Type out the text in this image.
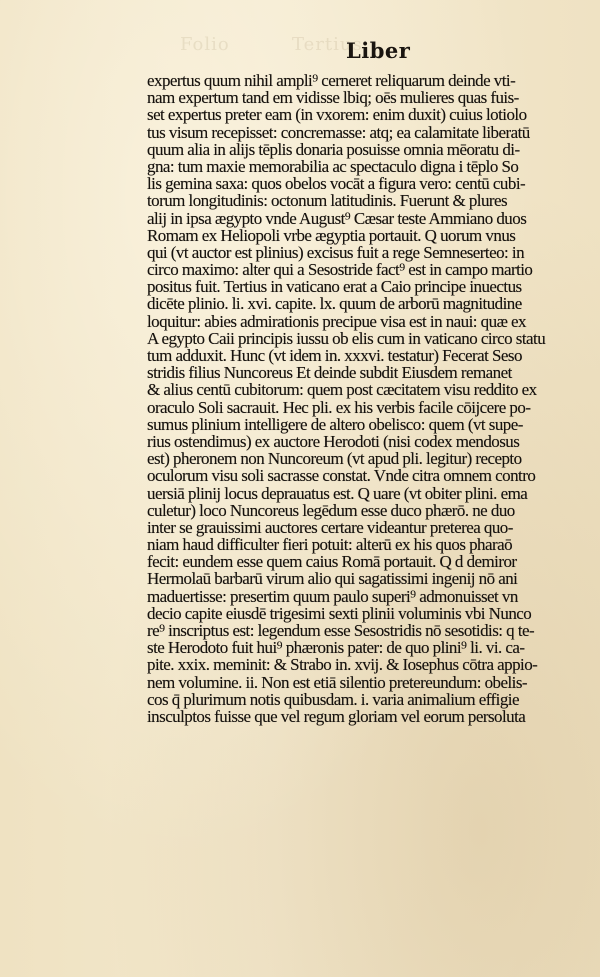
Folio	Tertius
Liber
expertus quum nihil ampli⁹ cerneret reliquarum deinde vti-
nam expertum tand em vidisse lbiq; oēs mulieres quas fuis-
set expertus preter eam (in vxorem: enim duxit) cuius lotiolo
tus visum recepisset: concremasse: atq; ea calamitate liberatū
quum alia in alijs tēplis donaria posuisse omnia mēoratu di-
gna: tum maxie memorabilia ac spectaculo digna i tēplo So
lis gemina saxa: quos obelos vocāt a figura vero: centū cubi-
torum longitudinis: octonum latitudinis. Fuerunt & plures
alij in ipsa ægypto vnde August⁹ Cæsar teste Ammiano duos
Romam ex Heliopoli vrbe ægyptia portauit. Q uorum vnus
qui (vt auctor est plinius) excisus fuit a rege Semneserteo: in
circo maximo: alter qui a Sesostride fact⁹ est in campo martio
positus fuit. Tertius in vaticano erat a Caio principe inuectus
dicēte plinio. li. xvi. capite. lx. quum de arborū magnitudine
loquitur: abies admirationis precipue visa est in naui: quæ ex
A egypto Caii principis iussu ob elis cum in vaticano circo statu
tum adduxit. Hunc (vt idem in. xxxvi. testatur) Fecerat Seso
stridis filius Nuncoreus Et deinde subdit Eiusdem remanet
& alius centū cubitorum: quem post cæcitatem visu reddito ex
oraculo Soli sacrauit. Hec pli. ex his verbis facile cōijcere po-
sumus plinium intelligere de altero obelisco: quem (vt supe-
rius ostendimus) ex auctore Herodoti (nisi codex mendosus
est) pheronem non Nuncoreum (vt apud pli. legitur) recepto
oculorum visu soli sacrasse constat. Vnde citra omnem contro
uersiā plinij locus deprauatus est. Q uare (vt obiter plini. ema
culetur) loco Nuncoreus legēdum esse duco phærō. ne duo
inter se grauissimi auctores certare videantur preterea quo-
niam haud difficulter fieri potuit: alterū ex his quos pharaō
fecit: eundem esse quem caius Romā portauit. Q d demiror
Hermolaū barbarū virum alio qui sagatissimi ingenij nō ani
maduertisse: presertim quum paulo superi⁹ admonuisset vn
decio capite eiusdē trigesimi sexti plinii voluminis vbi Nunco
re⁹ inscriptus est: legendum esse Sesostridis nō sesotidis: q te-
ste Herodoto fuit hui⁹ phæronis pater: de quo plini⁹ li. vi. ca-
pite. xxix. meminit: & Strabo in. xvij. & Iosephus cōtra appio-
nem volumine. ii. Non est etiā silentio pretereundum: obelis-
cos q̄ plurimum notis quibusdam. i. varia animalium effigie
insculptos fuisse que vel regum gloriam vel eorum persoluta
